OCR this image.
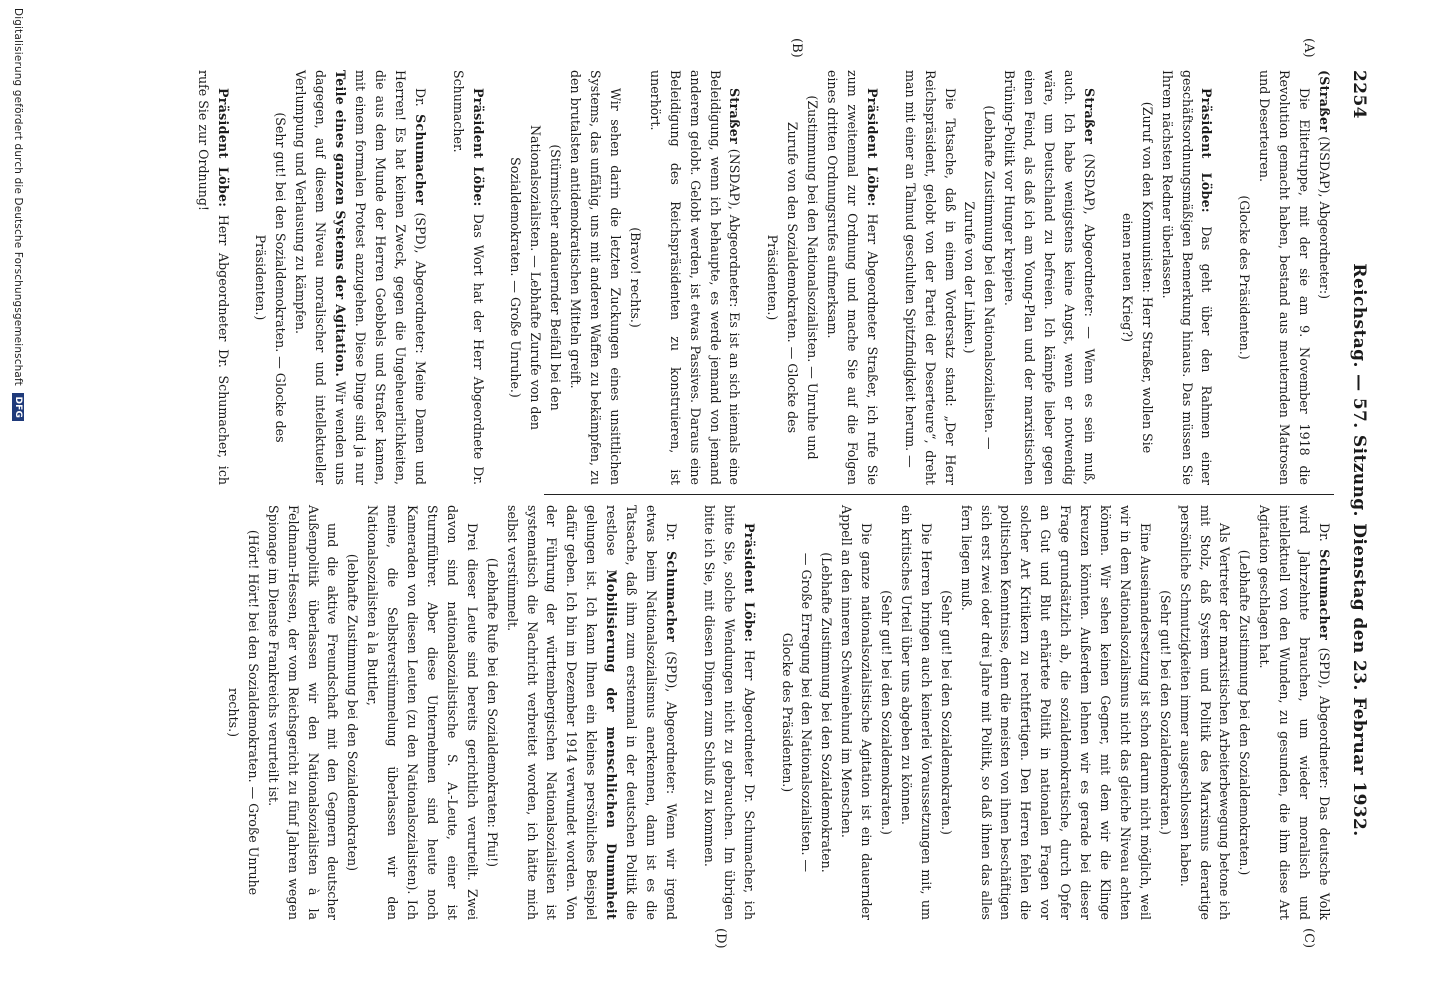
2254
Reichstag. — 57. Sitzung. Dienstag den 23. Februar 1932.
(A)
(B)
(C)
(D)

(Straßer (NSDAP), Abgeordneter:)

Die Elitetruppe, mit der sie am 9. November 1918 die Revolution gemacht haben, bestand aus meuternden Matrosen und Deserteuren.

(Glocke des Präsidenten.)

Präsident Löbe: Das geht über den Rahmen einer geschäftsordnungsmäßigen Bemerkung hinaus. Das müssen Sie Ihrem nächsten Redner überlassen.

(Zuruf von den Kommunisten: Herr Straßer, wollen Sie einen neuen Krieg?)

Straßer (NSDAP), Abgeordneter: — Wenn es sein muß, auch. Ich habe wenigstens keine Angst, wenn er notwendig wäre, um Deutschland zu befreien. Ich kämpfe lieber gegen einen Feind, als daß ich am Young-Plan und der marxistischen Brüning-Politik vor Hunger krepiere.

(Lebhafte Zustimmung bei den Nationalsozialisten. — Zurufe von der Linken.)

Die Tatsache, daß in einem Vordersatz stand: „Der Herr Reichspräsident, gelobt von der Partei der Deserteure“, dreht man mit einer an Talmud geschulten Spitzfindigkeit herum. —

Präsident Löbe: Herr Abgeordneter Straßer, ich rufe Sie zum zweitenmal zur Ordnung und mache Sie auf die Folgen eines dritten Ordnungsrufes aufmerksam.

(Zustimmung bei den Nationalsozialisten. — Unruhe und Zurufe von den Sozialdemokraten. — Glocke des Präsidenten.)

Straßer (NSDAP), Abgeordneter: Es ist an sich niemals eine Beleidigung, wenn ich behaupte, es werde jemand von jemand anderem gelobt. Gelobt werden, ist etwas Passives. Daraus eine Beleidigung des Reichspräsidenten zu konstruieren, ist unerhört.

(Bravo! rechts.)

Wir sehen darin die letzten Zuckungen eines unsittlichen Systems, das unfähig, uns mit anderen Waffen zu bekämpfen, zu den brutalsten antidemokratischen Mitteln greift.

(Stürmischer andauernder Beifall bei den Nationalsozialisten. — Lebhafte Zurufe von den Sozialdemokraten. — Große Unruhe.)

Präsident Löbe: Das Wort hat der Herr Abgeordnete Dr. Schumacher.

Dr. Schumacher (SPD), Abgeordneter: Meine Damen und Herren! Es hat keinen Zweck, gegen die Ungeheuerlichkeiten, die aus dem Munde der Herren Goebbels und Straßer kamen, mit einem formalen Protest anzugehen. Diese Dinge sind ja nur Teile eines ganzen Systems der Agitation. Wir wenden uns dagegen, auf diesem Niveau moralischer und intellektueller Verlumpung und Verlausung zu kämpfen.

(Sehr gut! bei den Sozialdemokraten. — Glocke des Präsidenten.)

Präsident Löbe: Herr Abgeordneter Dr. Schumacher, ich rufe Sie zur Ordnung!

Dr. Schumacher (SPD), Abgeordneter: Das deutsche Volk wird Jahrzehnte brauchen, um wieder moralisch und intellektuell von den Wunden, zu gesunden, die ihm diese Art Agitation geschlagen hat.

(Lebhafte Zustimmung bei den Sozialdemokraten.)

Als Vertreter der marxistischen Arbeiterbewegung betone ich mit Stolz, daß System und Politik des Marxismus derartige persönliche Schmutzigkeiten immer ausgeschlossen haben.

(Sehr gut! bei den Sozialdemokraten.)

Eine Auseinandersetzung ist schon darum nicht möglich, weil wir in dem Nationalsozialismus nicht das gleiche Niveau achten können. Wir sehen keinen Gegner, mit dem wir die Klinge kreuzen könnten. Außerdem lehnen wir es gerade bei dieser Frage grundsätzlich ab, die sozialdemokratische, durch Opfer an Gut und Blut erhärtete Politik in nationalen Fragen vor solcher Art Kritikern zu rechtfertigen. Den Herren fehlen die politischen Kenntnisse, denn die meisten von ihnen beschäftigen sich erst zwei oder drei Jahre mit Politik, so daß ihnen das alles fern liegen muß.

(Sehr gut! bei den Sozialdemokraten.)

Die Herren bringen auch keinerlei Voraussetzungen mit, um ein kritisches Urteil über uns abgeben zu können.

(Sehr gut! bei den Sozialdemokraten.)

Die ganze nationalsozialistische Agitation ist ein dauernder Appell an den inneren Schweinehund im Menschen.

(Lebhafte Zustimmung bei den Sozialdemokraten. — Große Erregung bei den Nationalsozialisten. — Glocke des Präsidenten.)

Präsident Löbe: Herr Abgeordneter Dr. Schumacher, ich bitte Sie, solche Wendungen nicht zu gebrauchen. Im übrigen bitte ich Sie, mit diesen Dingen zum Schluß zu kommen.

Dr. Schumacher (SPD), Abgeordneter: Wenn wir irgend etwas beim Nationalsozialismus anerkennen, dann ist es die Tatsache, daß ihm zum erstenmal in der deutschen Politik die restlose Mobilisierung der menschlichen Dummheit gelungen ist. Ich kann Ihnen ein kleines persönliches Beispiel dafür geben. Ich bin im Dezember 1914 verwundet worden. Von der Führung der württembergischen Nationalsozialisten ist systematisch die Nachricht verbreitet worden, ich hätte mich selbst verstümmelt.

(Lebhafte Rufe bei den Sozialdemokraten: Pfui!)

Drei dieser Leute sind bereits gerichtlich verurteilt. Zwei davon sind nationalsozialistische S. A.-Leute, einer ist Sturmführer. Aber diese Unternehmen sind heute noch Kameraden von diesen Leuten (zu den Nationalsozialisten). Ich meine, die Selbstverstümmelung überlassen wir den Nationalsozialisten à la Buttler,

(lebhafte Zustimmung bei den Sozialdemokraten)

und die aktive Freundschaft mit den Gegnern deutscher Außenpolitik überlassen wir den Nationalsozialisten à la Feldmann-Hessen, der vom Reichsgericht zu fünf Jahren wegen Spionage im Dienste Frankreichs verurteilt ist.

(Hört! Hört! bei den Sozialdemokraten. — Große Unruhe rechts.)

Digitalisierung gefördert durch die Deutsche Forschungsgemeinschaft DFG
